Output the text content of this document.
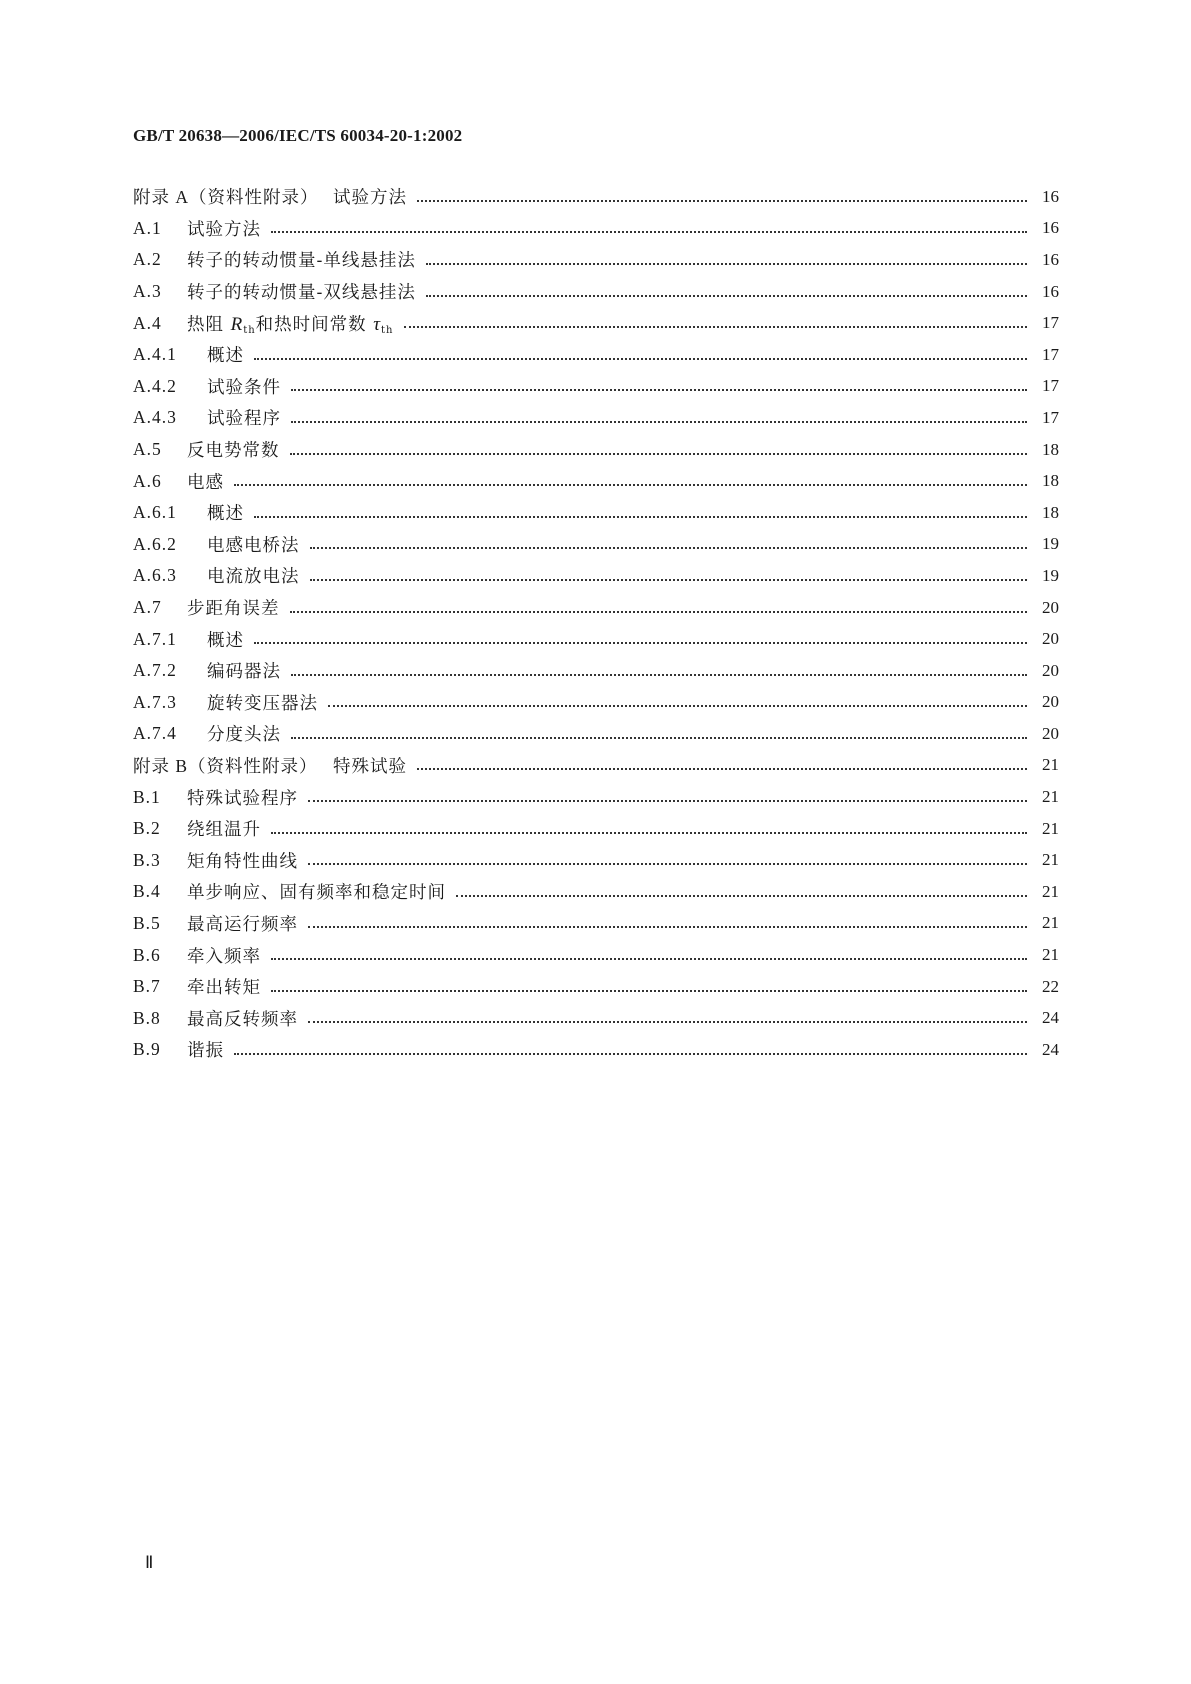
GB/T 20638—2006/IEC/TS 60034-20-1:2002
附录 A（资料性附录） 试验方法	16
A.1	试验方法	16
A.2	转子的转动惯量-单线悬挂法	16
A.3	转子的转动惯量-双线悬挂法	16
A.4	热阻 $R_{th}$和热时间常数 $\tau_{th}$	17
A.4.1	概述	17
A.4.2	试验条件	17
A.4.3	试验程序	17
A.5	反电势常数	18
A.6	电感	18
A.6.1	概述	18
A.6.2	电感电桥法	19
A.6.3	电流放电法	19
A.7	步距角误差	20
A.7.1	概述	20
A.7.2	编码器法	20
A.7.3	旋转变压器法	20
A.7.4	分度头法	20
附录 B（资料性附录） 特殊试验	21
B.1	特殊试验程序	21
B.2	绕组温升	21
B.3	矩角特性曲线	21
B.4	单步响应、固有频率和稳定时间	21
B.5	最高运行频率	21
B.6	牵入频率	21
B.7	牵出转矩	22
B.8	最高反转频率	24
B.9	谐振	24
Ⅱ
